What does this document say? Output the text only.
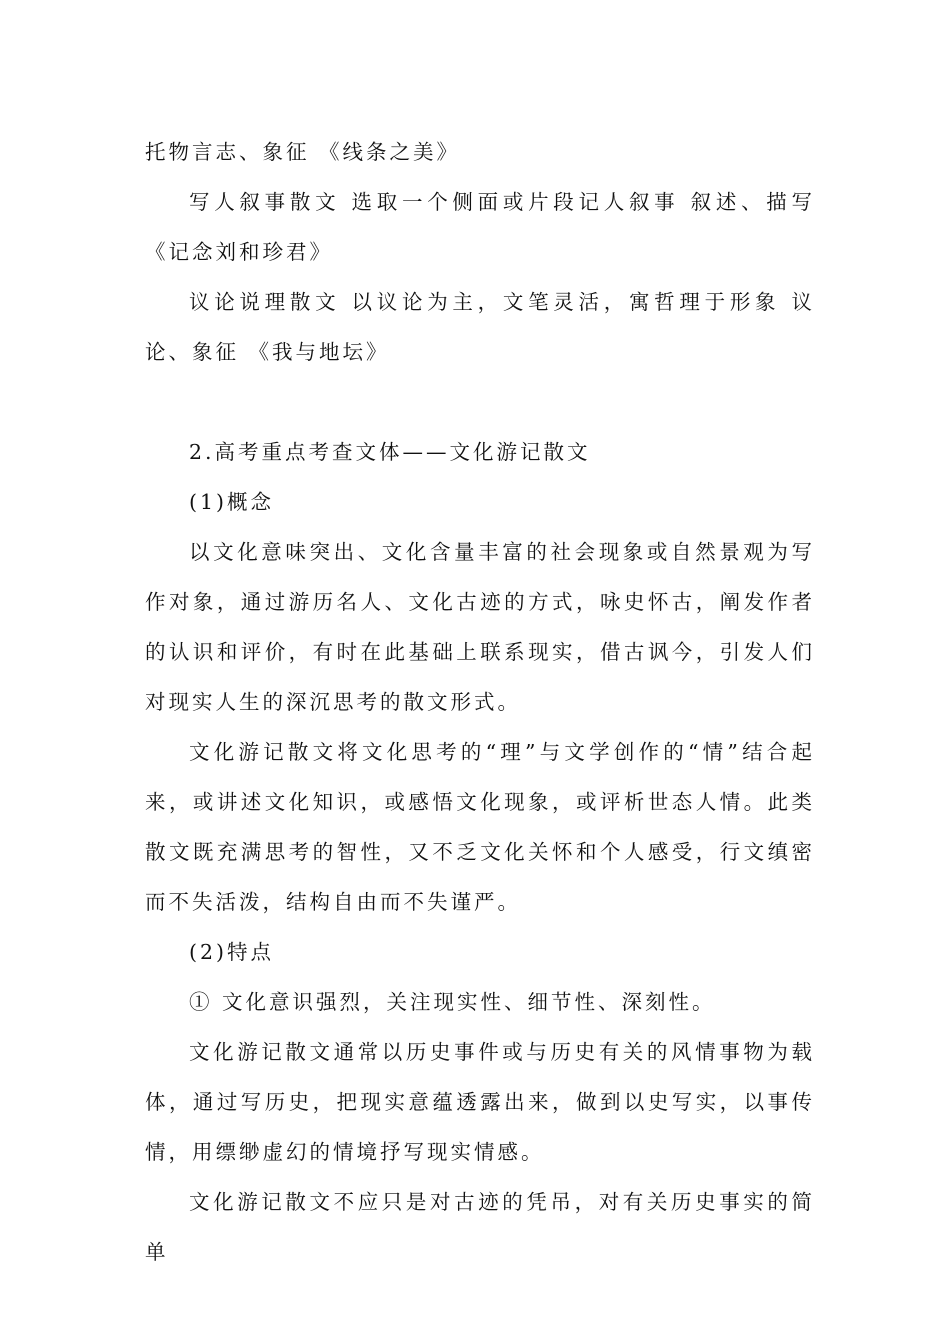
托物言志、象征 《线条之美》

写人叙事散文 选取一个侧面或片段记人叙事 叙述、描写 《记念刘和珍君》

议论说理散文 以议论为主，文笔灵活，寓哲理于形象 议论、象征 《我与地坛》

2.高考重点考查文体——文化游记散文

(1)概念

以文化意味突出、文化含量丰富的社会现象或自然景观为写作对象，通过游历名人、文化古迹的方式，咏史怀古，阐发作者的认识和评价，有时在此基础上联系现实，借古讽今，引发人们对现实人生的深沉思考的散文形式。

文化游记散文将文化思考的“理”与文学创作的“情”结合起来，或讲述文化知识，或感悟文化现象，或评析世态人情。此类散文既充满思考的智性，又不乏文化关怀和个人感受，行文缜密而不失活泼，结构自由而不失谨严。

(2)特点

① 文化意识强烈，关注现实性、细节性、深刻性。

文化游记散文通常以历史事件或与历史有关的风情事物为载体，通过写历史，把现实意蕴透露出来，做到以史写实，以事传情，用缥缈虚幻的情境抒写现实情感。

文化游记散文不应只是对古迹的凭吊，对有关历史事实的简单
